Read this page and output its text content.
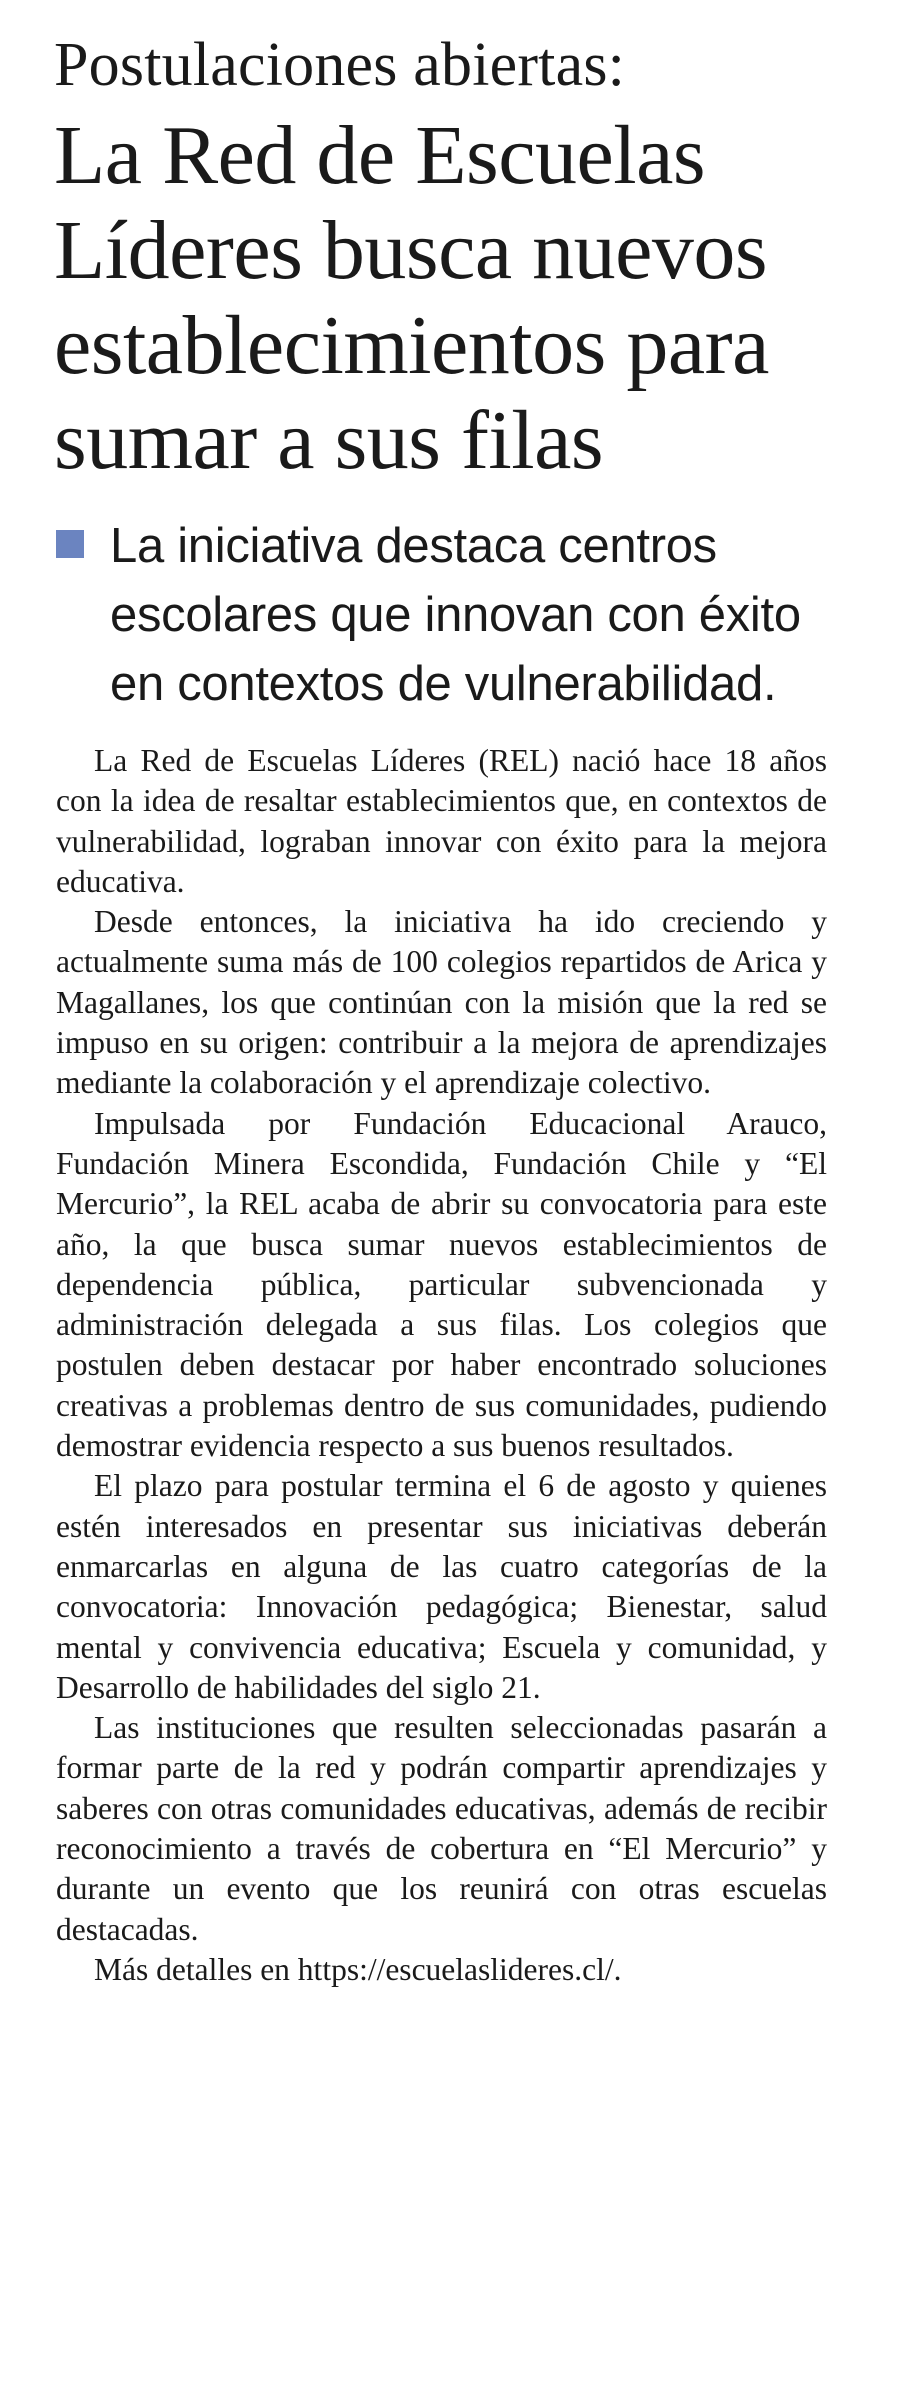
Postulaciones abiertas:
La Red de Escuelas Líderes busca nuevos establecimientos para sumar a sus filas

La iniciativa destaca centros escolares que innovan con éxito en contextos de vulnerabilidad.

La Red de Escuelas Líderes (REL) nació hace 18 años con la idea de resaltar establecimientos que, en contextos de vulnerabilidad, lograban innovar con éxito para la mejora educativa.

Desde entonces, la iniciativa ha ido creciendo y actualmente suma más de 100 colegios repartidos de Arica y Magallanes, los que continúan con la misión que la red se impuso en su origen: contribuir a la mejora de aprendizajes mediante la colaboración y el aprendizaje colectivo.

Impulsada por Fundación Educacional Arauco, Fundación Minera Escondida, Fundación Chile y “El Mercurio”, la REL acaba de abrir su convocatoria para este año, la que busca sumar nuevos establecimientos de dependencia pública, particular subvencionada y administración delegada a sus filas. Los colegios que postulen deben destacar por haber encontrado soluciones creativas a problemas dentro de sus comunidades, pudiendo demostrar evidencia respecto a sus buenos resultados.

El plazo para postular termina el 6 de agosto y quienes estén interesados en presentar sus iniciativas deberán enmarcarlas en alguna de las cuatro categorías de la convocatoria: Innovación pedagógica; Bienestar, salud mental y convivencia educativa; Escuela y comunidad, y Desarrollo de habilidades del siglo 21.

Las instituciones que resulten seleccionadas pasarán a formar parte de la red y podrán compartir aprendizajes y saberes con otras comunidades educativas, además de recibir reconocimiento a través de cobertura en “El Mercurio” y durante un evento que los reunirá con otras escuelas destacadas.

Más detalles en https://escuelaslideres.cl/.
